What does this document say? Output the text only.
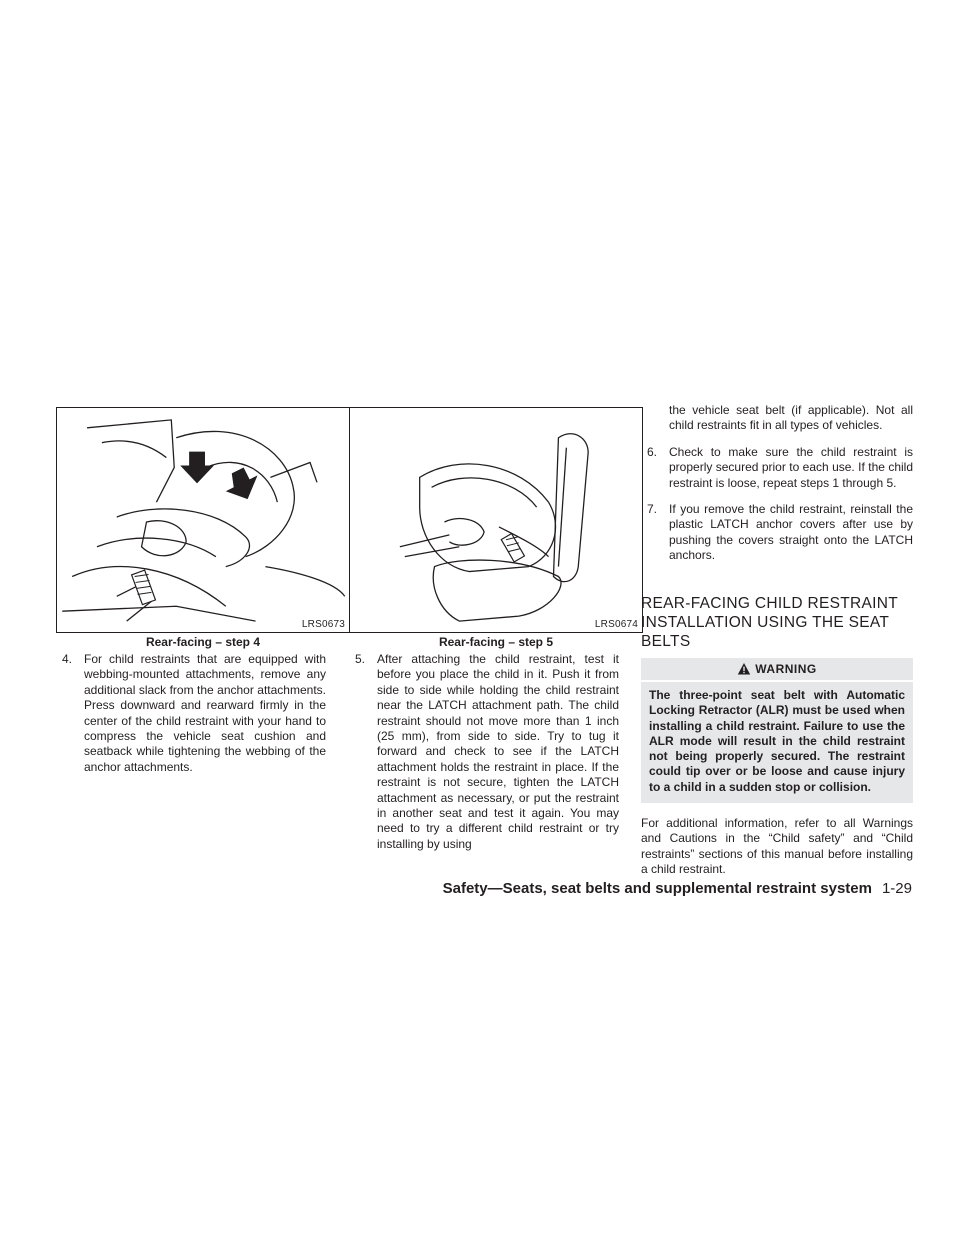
LRS0673
Rear-facing – step 4
LRS0674
Rear-facing – step 5
4. For child restraints that are equipped with webbing-mounted attachments, remove any additional slack from the anchor attachments. Press downward and rearward firmly in the center of the child restraint with your hand to compress the vehicle seat cushion and seatback while tightening the webbing of the anchor attachments.
5. After attaching the child restraint, test it before you place the child in it. Push it from side to side while holding the child restraint near the LATCH attachment path. The child restraint should not move more than 1 inch (25 mm), from side to side. Try to tug it forward and check to see if the LATCH attachment holds the restraint in place. If the restraint is not secure, tighten the LATCH attachment as necessary, or put the restraint in another seat and test it again. You may need to try a different child restraint or try installing by using
the vehicle seat belt (if applicable). Not all child restraints fit in all types of vehicles.
6. Check to make sure the child restraint is properly secured prior to each use. If the child restraint is loose, repeat steps 1 through 5.
7. If you remove the child restraint, reinstall the plastic LATCH anchor covers after use by pushing the covers straight onto the LATCH anchors.
REAR-FACING CHILD RESTRAINT INSTALLATION USING THE SEAT BELTS
WARNING
The three-point seat belt with Automatic Locking Retractor (ALR) must be used when installing a child restraint. Failure to use the ALR mode will result in the child restraint not being properly secured. The restraint could tip over or be loose and cause injury to a child in a sudden stop or collision.
For additional information, refer to all Warnings and Cautions in the “Child safety” and “Child restraints” sections of this manual before installing a child restraint.
Safety—Seats, seat belts and supplemental restraint system 1-29
